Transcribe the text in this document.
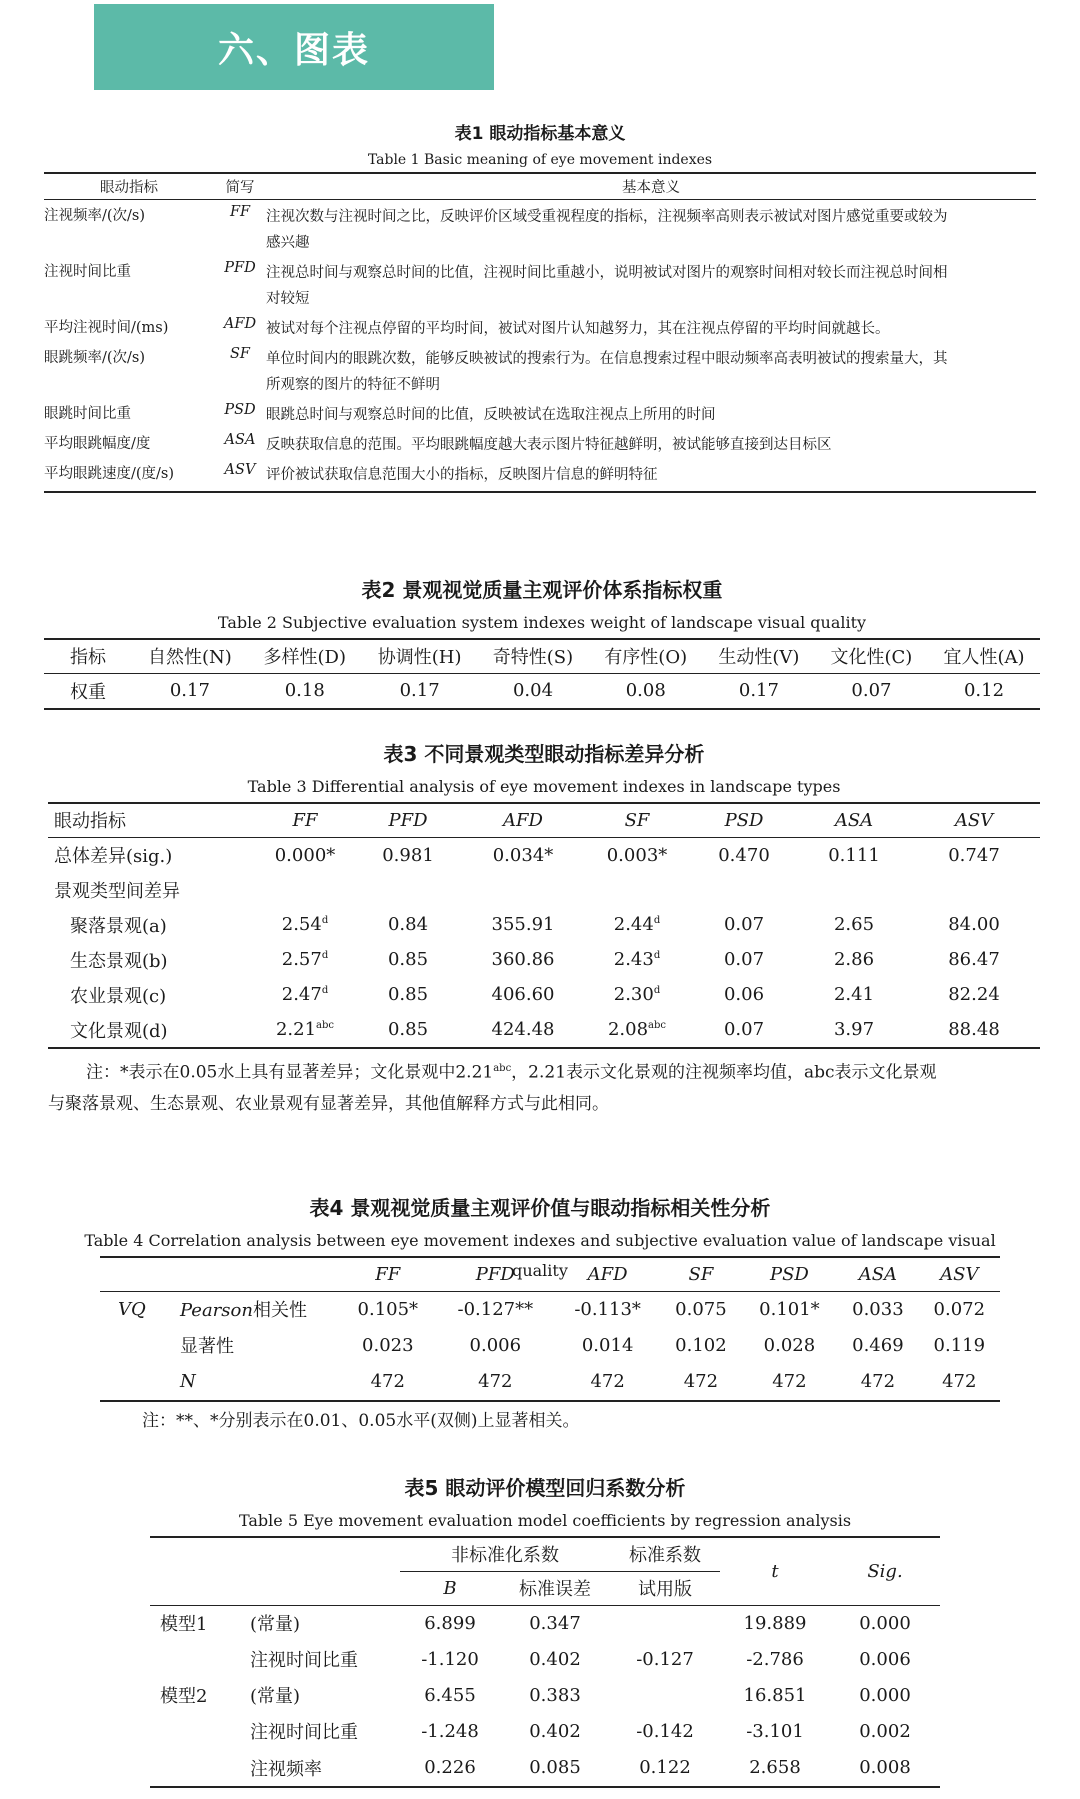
六、图表
表1 眼动指标基本意义
Table 1 Basic meaning of eye movement indexes
眼动指标	简写	基本意义
注视频率/(次/s)	FF	注视次数与注视时间之比，反映评价区域受重视程度的指标，注视频率高则表示被试对图片感觉重要或较为
感兴趣

注视时间比重	PFD	注视总时间与观察总时间的比值，注视时间比重越小，说明被试对图片的观察时间相对较长而注视总时间相
对较短

平均注视时间/(ms)	AFD	被试对每个注视点停留的平均时间，被试对图片认知越努力，其在注视点停留的平均时间就越长。
眼跳频率/(次/s)	SF	单位时间内的眼跳次数，能够反映被试的搜索行为。在信息搜索过程中眼动频率高表明被试的搜索量大，其
所观察的图片的特征不鲜明

眼跳时间比重	PSD	眼跳总时间与观察总时间的比值，反映被试在选取注视点上所用的时间
平均眼跳幅度/度	ASA	反映获取信息的范围。平均眼跳幅度越大表示图片特征越鲜明，被试能够直接到达目标区
平均眼跳速度/(度/s)	ASV	评价被试获取信息范围大小的指标，反映图片信息的鲜明特征
表2 景观视觉质量主观评价体系指标权重
Table 2 Subjective evaluation system indexes weight of landscape visual quality
指标	自然性(N)	多样性(D)	协调性(H)	奇特性(S)	有序性(O)	生动性(V)	文化性(C)	宜人性(A)
权重	0.17	0.18	0.17	0.04	0.08	0.17	0.07	0.12
表3 不同景观类型眼动指标差异分析
Table 3 Differential analysis of eye movement indexes in landscape types
眼动指标	FF	PFD	AFD	SF	PSD	ASA	ASV
总体差异(sig.)	0.000*	0.981	0.034*	0.003*	0.470	0.111	0.747
景观类型间差异							
聚落景观(a)	2.54$^d$	0.84	355.91	2.44$^d$	0.07	2.65	84.00
生态景观(b)	2.57$^d$	0.85	360.86	2.43$^d$	0.07	2.86	86.47
农业景观(c)	2.47$^d$	0.85	406.60	2.30$^d$	0.06	2.41	82.24
文化景观(d)	2.21$^{abc}$	0.85	424.48	2.08$^{abc}$	0.07	3.97	88.48
注：*表示在0.05水上具有显著差异；文化景观中2.21$^{abc}$，2.21表示文化景观的注视频率均值，abc表示文化景观
与聚落景观、生态景观、农业景观有显著差异，其他值解释方式与此相同。
表4 景观视觉质量主观评价值与眼动指标相关性分析
Table 4 Correlation analysis between eye movement indexes and subjective evaluation value of landscape visual quality
		FF	PFD	AFD	SF	PSD	ASA	ASV
VQ	Pearson相关性	0.105*	-0.127**	-0.113*	0.075	0.101*	0.033	0.072
	显著性	0.023	0.006	0.014	0.102	0.028	0.469	0.119
	N	472	472	472	472	472	472	472
注：**、*分别表示在0.01、0.05水平(双侧)上显著相关。
表5 眼动评价模型回归系数分析
Table 5 Eye movement evaluation model coefficients by regression analysis
		非标准化系数		标准系数	t	Sig.
		B	标准误差	试用版		
模型1	(常量)	6.899	0.347		19.889	0.000
	注视时间比重	-1.120	0.402	-0.127	-2.786	0.006
模型2	(常量)	6.455	0.383		16.851	0.000
	注视时间比重	-1.248	0.402	-0.142	-3.101	0.002
	注视频率	0.226	0.085	0.122	2.658	0.008
